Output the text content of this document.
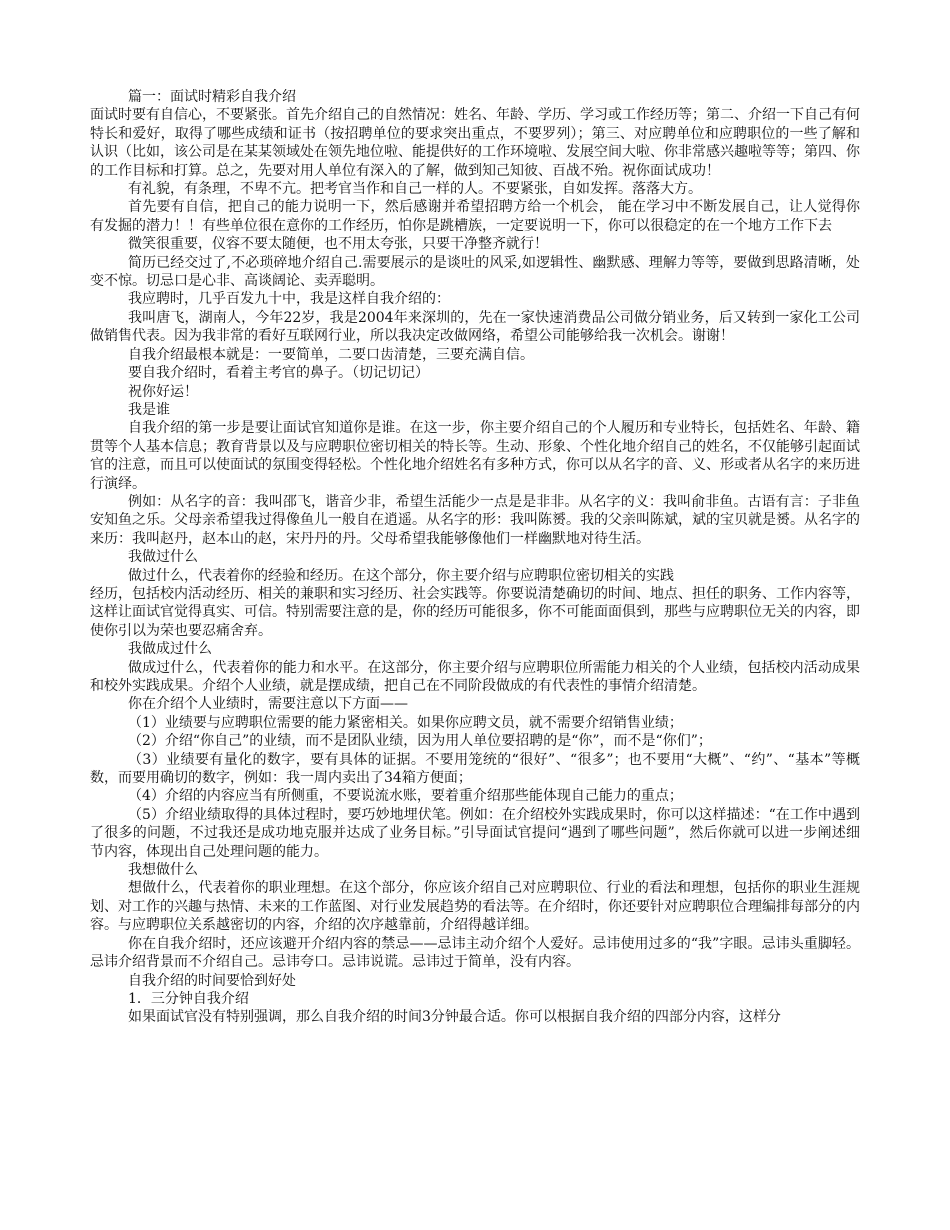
篇一：面试时精彩自我介绍

面试时要有自信心，不要紧张。首先介绍自己的自然情况：姓名、年龄、学历、学习或工作经历等；第二、介绍一下自己有何特长和爱好，取得了哪些成绩和证书（按招聘单位的要求突出重点，不要罗列）；第三、对应聘单位和应聘职位的一些了解和认识（比如，该公司是在某某领域处在领先地位啦、能提供好的工作环境啦、发展空间大啦、你非常感兴趣啦等等；第四、你的工作目标和打算。总之，先要对用人单位有深入的了解，做到知己知彼、百战不殆。祝你面试成功！

有礼貌，有条理，不卑不亢。把考官当作和自己一样的人。不要紧张，自如发挥。落落大方。

首先要有自信，把自己的能力说明一下，然后感谢并希望招聘方给一个机会， 能在学习中不断发展自己，让人觉得你有发掘的潜力！！有些单位很在意你的工作经历，怕你是跳槽族，一定要说明一下，你可以很稳定的在一个地方工作下去

微笑很重要，仪容不要太随便，也不用太夸张，只要干净整齐就行！

简历已经交过了,不必琐碎地介绍自己.需要展示的是谈吐的风采,如逻辑性、幽默感、理解力等等，要做到思路清晰，处变不惊。切忌口是心非、高谈阔论、卖弄聪明。

我应聘时，几乎百发九十中，我是这样自我介绍的：

我叫唐飞，湖南人，今年22岁，我是2004年来深圳的，先在一家快速消费品公司做分销业务，后又转到一家化工公司做销售代表。因为我非常的看好互联网行业，所以我决定改做网络，希望公司能够给我一次机会。谢谢！

自我介绍最根本就是：一要简单，二要口齿清楚，三要充满自信。

要自我介绍时，看着主考官的鼻子。（切记切记）

祝你好运！

我是谁

自我介绍的第一步是要让面试官知道你是谁。在这一步，你主要介绍自己的个人履历和专业特长，包括姓名、年龄、籍贯等个人基本信息；教育背景以及与应聘职位密切相关的特长等。生动、形象、个性化地介绍自己的姓名，不仅能够引起面试官的注意，而且可以使面试的氛围变得轻松。个性化地介绍姓名有多种方式，你可以从名字的音、义、形或者从名字的来历进行演绎。

例如：从名字的音：我叫邵飞，谐音少非，希望生活能少一点是是非非。从名字的义：我叫俞非鱼。古语有言：子非鱼安知鱼之乐。父母亲希望我过得像鱼儿一般自在逍遥。从名字的形：我叫陈赟。我的父亲叫陈斌，斌的宝贝就是赟。从名字的来历：我叫赵丹，赵本山的赵，宋丹丹的丹。父母希望我能够像他们一样幽默地对待生活。

我做过什么

做过什么，代表着你的经验和经历。在这个部分，你主要介绍与应聘职位密切相关的实践

经历，包括校内活动经历、相关的兼职和实习经历、社会实践等。你要说清楚确切的时间、地点、担任的职务、工作内容等，这样让面试官觉得真实、可信。特别需要注意的是，你的经历可能很多，你不可能面面俱到，那些与应聘职位无关的内容，即使你引以为荣也要忍痛舍弃。

我做成过什么

做成过什么，代表着你的能力和水平。在这部分，你主要介绍与应聘职位所需能力相关的个人业绩，包括校内活动成果和校外实践成果。介绍个人业绩，就是摆成绩，把自己在不同阶段做成的有代表性的事情介绍清楚。

你在介绍个人业绩时，需要注意以下方面——

（1）业绩要与应聘职位需要的能力紧密相关。如果你应聘文员，就不需要介绍销售业绩；

（2）介绍“你自己”的业绩，而不是团队业绩，因为用人单位要招聘的是“你”，而不是“你们”；

（3）业绩要有量化的数字，要有具体的证据。不要用笼统的“很好”、“很多”；也不要用“大概”、“约”、“基本”等概数，而要用确切的数字，例如：我一周内卖出了34箱方便面；

（4）介绍的内容应当有所侧重，不要说流水账，要着重介绍那些能体现自己能力的重点；

（5）介绍业绩取得的具体过程时，要巧妙地埋伏笔。例如：在介绍校外实践成果时，你可以这样描述：“在工作中遇到了很多的问题，不过我还是成功地克服并达成了业务目标。”引导面试官提问“遇到了哪些问题”，然后你就可以进一步阐述细节内容，体现出自己处理问题的能力。

我想做什么

想做什么，代表着你的职业理想。在这个部分，你应该介绍自己对应聘职位、行业的看法和理想，包括你的职业生涯规划、对工作的兴趣与热情、未来的工作蓝图、对行业发展趋势的看法等。在介绍时，你还要针对应聘职位合理编排每部分的内容。与应聘职位关系越密切的内容，介绍的次序越靠前，介绍得越详细。

你在自我介绍时，还应该避开介绍内容的禁忌——忌讳主动介绍个人爱好。忌讳使用过多的“我”字眼。忌讳头重脚轻。忌讳介绍背景而不介绍自己。忌讳夸口。忌讳说谎。忌讳过于简单，没有内容。

自我介绍的时间要恰到好处

1．三分钟自我介绍

如果面试官没有特别强调，那么自我介绍的时间3分钟最合适。你可以根据自我介绍的四部分内容，这样分
